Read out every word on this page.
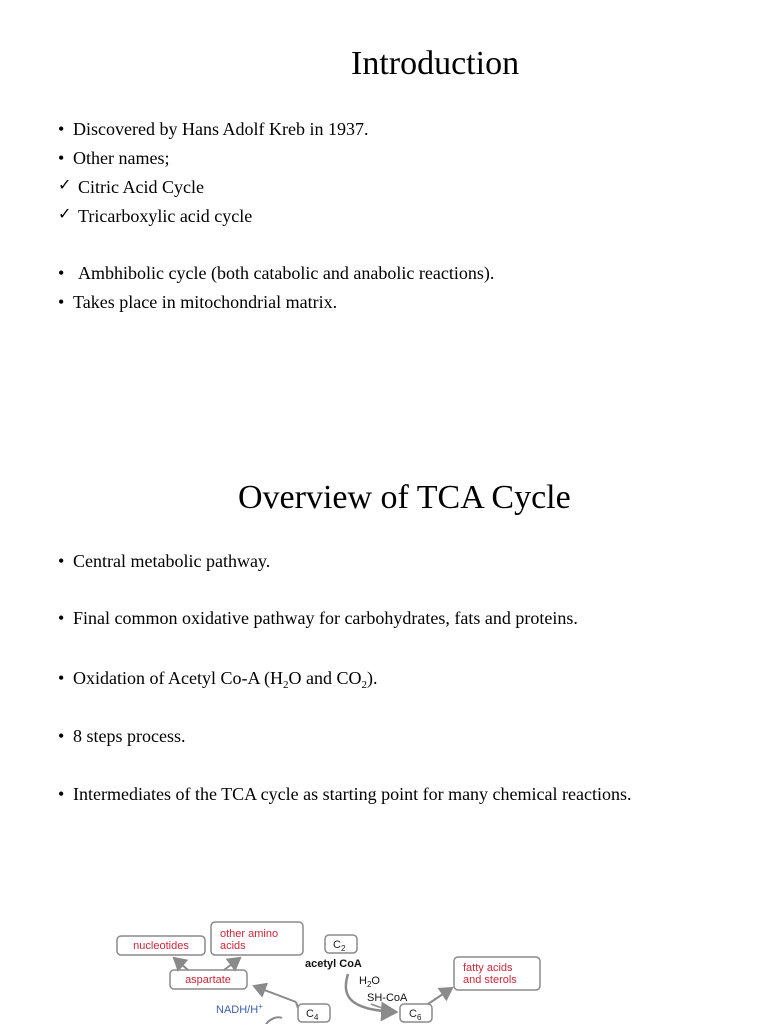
Introduction
• Discovered by Hans Adolf Kreb in 1937.
• Other names;
✓ Citric Acid Cycle
✓ Tricarboxylic acid cycle
• Ambhibolic cycle (both catabolic and anabolic reactions).
• Takes place in mitochondrial matrix.
Overview of TCA Cycle
• Central metabolic pathway.
• Final common oxidative pathway for carbohydrates, fats and proteins.
• Oxidation of Acetyl Co-A ($H_2O$ and $CO_2$).
• 8 steps process.
• Intermediates of the TCA cycle as starting point for many chemical reactions.
nucleotides
other amino
acids	$C_2$
acetyl CoA
aspartate	$H_2O$
SH-CoA
fatty acids
and sterols
$C_6$
NADH/H+
$C_4$
